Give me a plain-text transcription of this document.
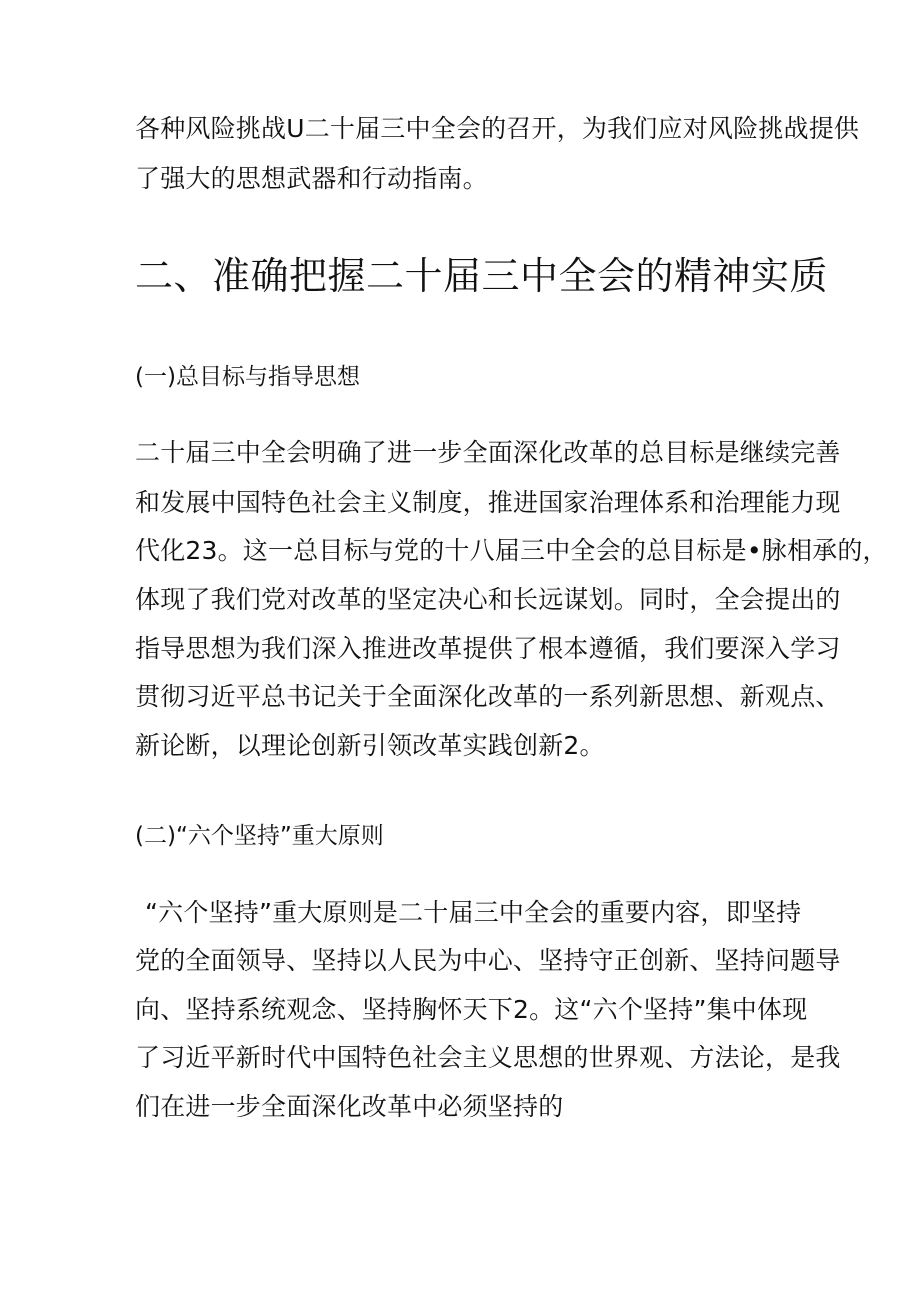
各种风险挑战U二十届三中全会的召开，为我们应对风险挑战提供
了强大的思想武器和行动指南。
二、准确把握二十届三中全会的精神实质
(一)总目标与指导思想
二十届三中全会明确了进一步全面深化改革的总目标是继续完善
和发展中国特色社会主义制度，推进国家治理体系和治理能力现
代化23。这一总目标与党的十八届三中全会的总目标是•脉相承的，
体现了我们党对改革的坚定决心和长远谋划。同时，全会提出的
指导思想为我们深入推进改革提供了根本遵循，我们要深入学习
贯彻习近平总书记关于全面深化改革的一系列新思想、新观点、
新论断，以理论创新引领改革实践创新2。
(二)“六个坚持”重大原则
“六个坚持”重大原则是二十届三中全会的重要内容，即坚持
党的全面领导、坚持以人民为中心、坚持守正创新、坚持问题导
向、坚持系统观念、坚持胸怀天下2。这“六个坚持”集中体现
了习近平新时代中国特色社会主义思想的世界观、方法论，是我
们在进一步全面深化改革中必须坚持的
